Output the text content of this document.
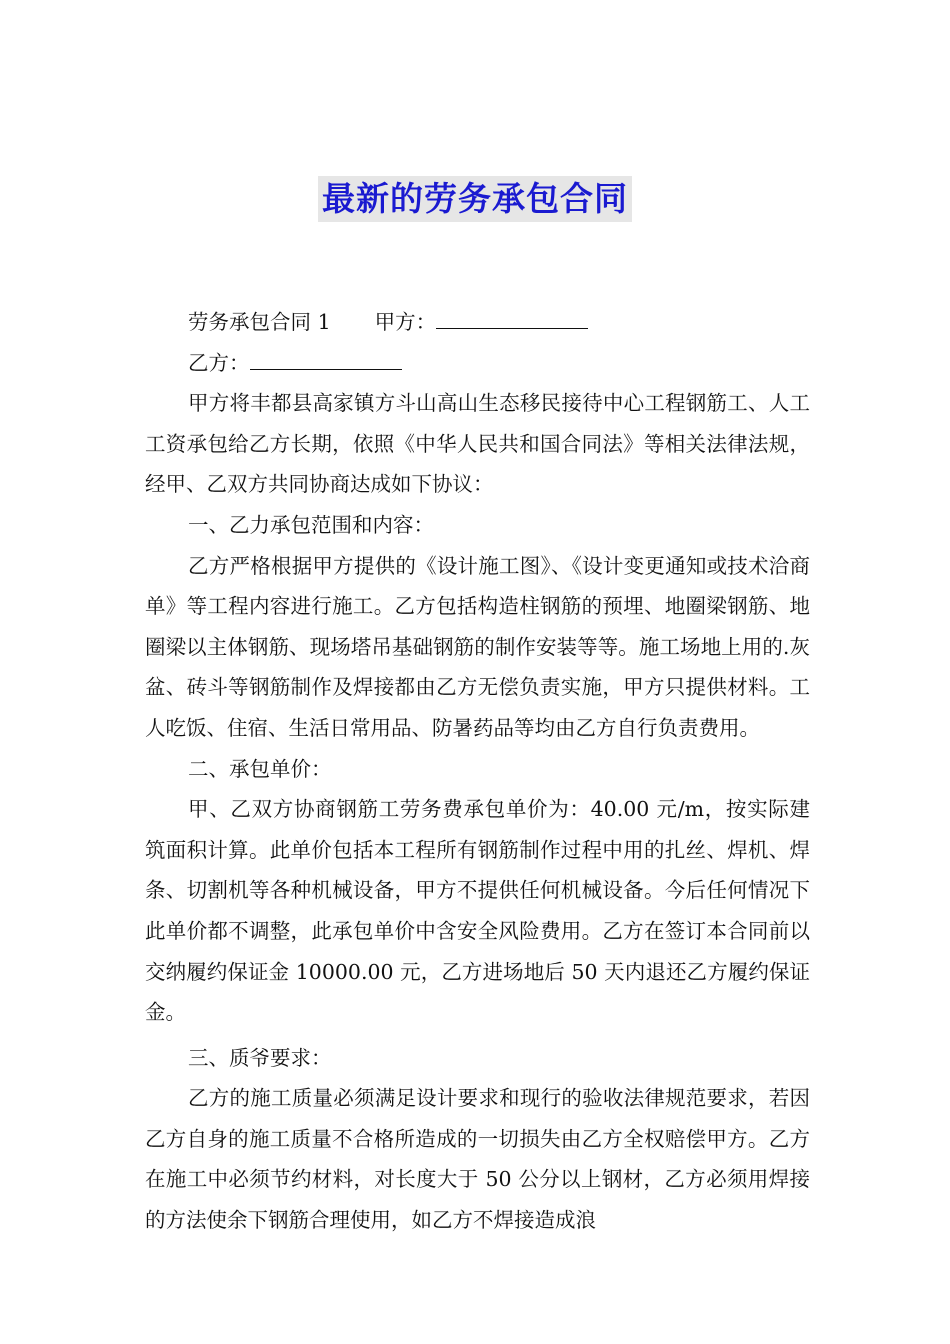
最新的劳务承包合同

劳务承包合同 1 甲方：

乙方：

甲方将丰都县高家镇方斗山高山生态移民接待中心工程钢筋工、人工工资承包给乙方长期，依照《中华人民共和国合同法》等相关法律法规，经甲、乙双方共同协商达成如下协议：

一、乙力承包范围和内容：

乙方严格根据甲方提供的《设计施工图》、《设计变更通知或技术洽商单》等工程内容进行施工。乙方包括构造柱钢筋的预埋、地圈梁钢筋、地圈梁以主体钢筋、现场塔吊基础钢筋的制作安装等等。施工场地上用的.灰盆、砖斗等钢筋制作及焊接都由乙方无偿负责实施，甲方只提供材料。工人吃饭、住宿、生活日常用品、防暑药品等均由乙方自行负责费用。

二、承包单价：

甲、乙双方协商钢筋工劳务费承包单价为：40.00 元/m，按实际建筑面积计算。此单价包括本工程所有钢筋制作过程中用的扎丝、焊机、焊条、切割机等各种机械设备，甲方不提供任何机械设备。今后任何情况下此单价都不调整，此承包单价中含安全风险费用。乙方在签订本合同前以交纳履约保证金 10000.00 元，乙方进场地后 50 天内退还乙方履约保证金。

三、质爷要求：

乙方的施工质量必须满足设计要求和现行的验收法律规范要求，若因乙方自身的施工质量不合格所造成的一切损失由乙方全权赔偿甲方。乙方在施工中必须节约材料，对长度大于 50 公分以上钢材，乙方必须用焊接的方法使余下钢筋合理使用，如乙方不焊接造成浪
